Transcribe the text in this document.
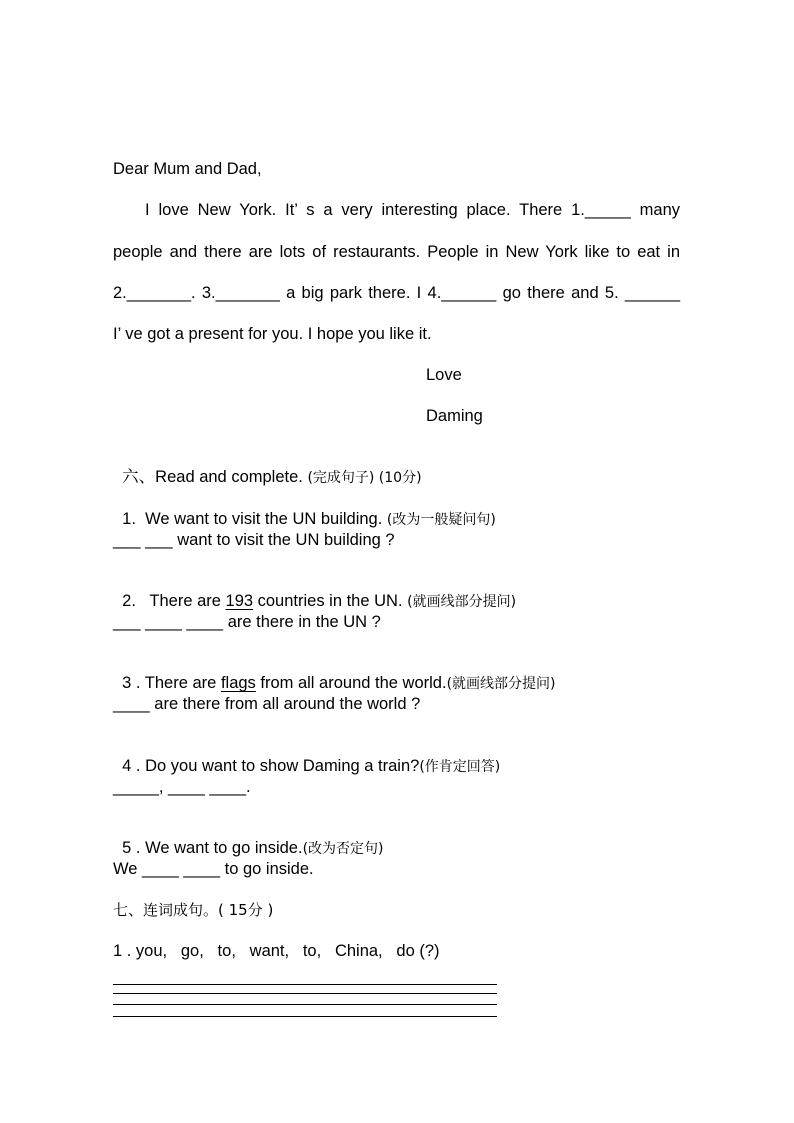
Dear Mum and Dad,
I love New York. It’ s a very interesting place. There 1._____ many
people and there are lots of restaurants. People in New York like to eat in
2._______. 3._______ a big park there. I 4.______ go there and 5. ______
I’ ve got a present for you. I hope you like it.
Love
Daming

六、Read and complete. (完成句子) (10分)

1.  We want to visit the UN building. (改为一般疑问句)

___ ___ want to visit the UN building ?

2.   There are 193 countries in the UN. (就画线部分提问)

___ ____ ____ are there in the UN ?

3 . There are flags from all around the world.(就画线部分提问)

____ are there from all around the world ?

4 . Do you want to show Daming a train?(作肯定回答)

_____, ____ ____.

5 . We want to go inside.(改为否定句)

We ____ ____ to go inside.
七、连词成句。( 15分 )
1 . you,   go,   to,   want,   to,   China,   do (?)
